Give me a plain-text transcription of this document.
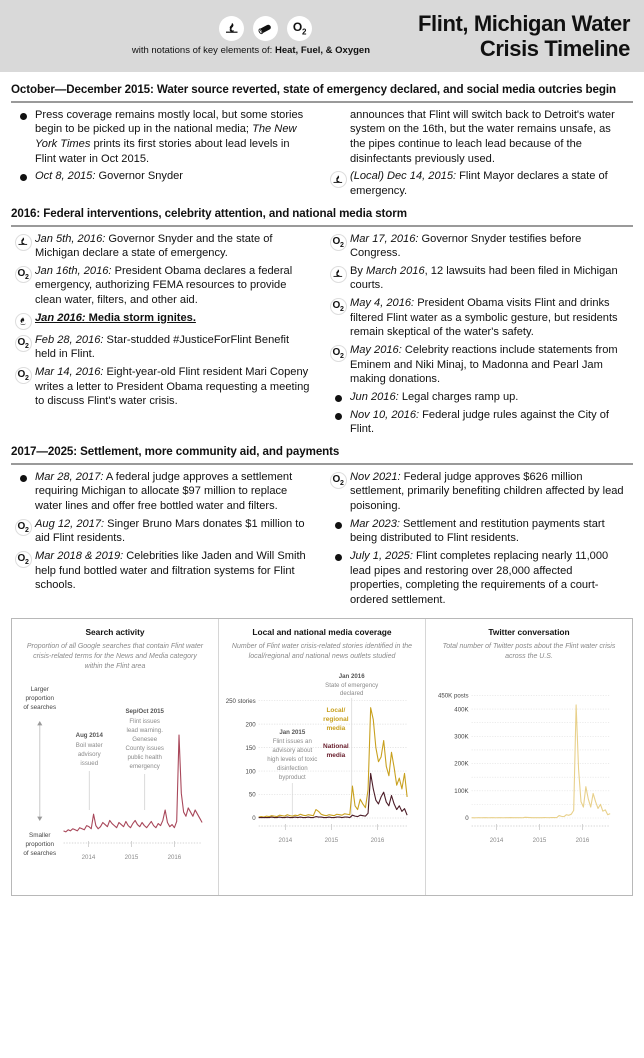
$O_2$
with notations of key elements of: Heat, Fuel, & Oxygen
Flint, Michigan Water
Crisis Timeline
October—December 2015: Water source reverted, state of emergency declared, and social media outcries begin
Press coverage remains mostly local, but some stories begin to be picked up in the national media; The New York Times prints its first stories about lead levels in Flint water in Oct 2015.
Oct 8, 2015: Governor Snyder
announces that Flint will switch back to Detroit's water system on the 16th, but the water remains unsafe, as the pipes continue to leach lead because of the disinfectants previously used.
(Local) Dec 14, 2015: Flint Mayor declares a state of emergency.
2016: Federal interventions, celebrity attention, and national media storm
Jan 5th, 2016: Governor Snyder and the state of Michigan declare a state of emergency.
$O_2$
Jan 16th, 2016: President Obama declares a federal emergency, authorizing FEMA resources to provide clean water, filters, and other aid.
Jan 2016: Media storm ignites.
$O_2$
Feb 28, 2016: Star-studded #JusticeForFlint Benefit held in Flint.
$O_2$
Mar 14, 2016: Eight-year-old Flint resident Mari Copeny writes a letter to President Obama requesting a meeting to discuss Flint's water crisis.
$O_2$
Mar 17, 2016: Governor Snyder testifies before Congress.
By March 2016, 12 lawsuits had been filed in Michigan courts.
$O_2$
May 4, 2016: President Obama visits Flint and drinks filtered Flint water as a symbolic gesture, but residents remain skeptical of the water's safety.
$O_2$
May 2016: Celebrity reactions include statements from Eminem and Niki Minaj, to Madonna and Pearl Jam making donations.
Jun 2016: Legal charges ramp up.
Nov 10, 2016: Federal judge rules against the City of Flint.
2017—2025: Settlement, more community aid, and payments
Mar 28, 2017: A federal judge approves a settlement requiring Michigan to allocate $97 million to replace water lines and offer free bottled water and filters.
$O_2$
Aug 12, 2017: Singer Bruno Mars donates $1 million to aid Flint residents.
$O_2$
Mar 2018 & 2019: Celebrities like Jaden and Will Smith help fund bottled water and filtration systems for Flint schools.
$O_2$
Nov 2021: Federal judge approves $626 million settlement, primarily benefiting children affected by lead poisoning.
Mar 2023: Settlement and restitution payments start being distributed to Flint residents.
July 1, 2025: Flint completes replacing nearly 11,000 lead pipes and restoring over 28,000 affected properties, completing the requirements of a court-ordered settlement.
Search activity
Proportion of all Google searches that contain Flint water crisis-related terms for the News and Media category within the Flint area
Larger
proportion
of searches
Smaller
proportion
of searches
Aug 2014
Boil water
advisory
issued
Sep/Oct 2015
Flint issues
lead warning.
Genesee
County issues
public health
emergency
2014	2015	2016
Local and national media coverage
Number of Flint water crisis-related stories identified in the local/regional and national news outlets studied
250 stories
200
150
100
50
0
Jan 2016
State of emergency
declared
Jan 2015
Flint issues an
advisory about
high levels of toxic
disinfection
byproduct
Local/
regional
media
National
media
2014	2015	2016
Twitter conversation
Total number of Twitter posts about the Flint water crisis across the U.S.
450K posts
400K
300K
200K
100K
0
2014	2015	2016
